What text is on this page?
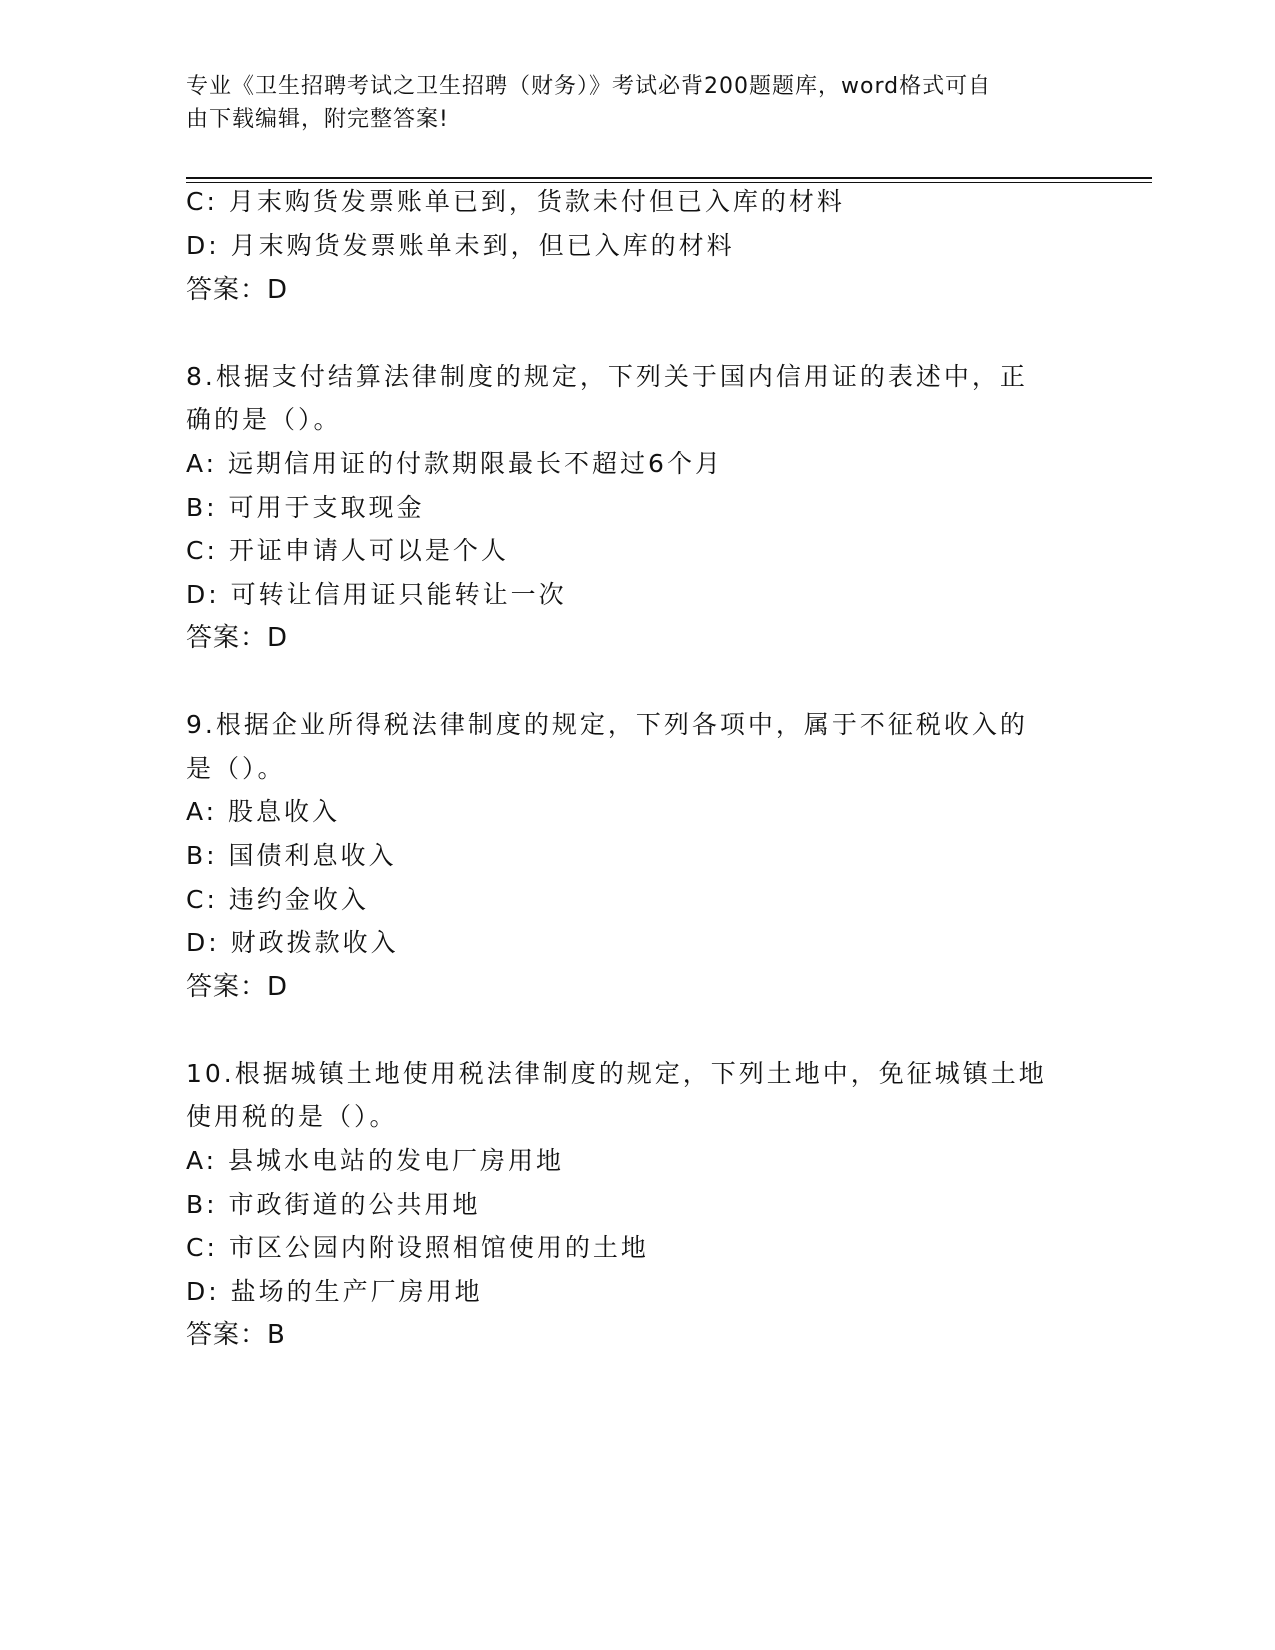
专业《卫生招聘考试之卫生招聘（财务）》考试必背200题题库，word格式可自
由下载编辑，附完整答案!
C: 月末购货发票账单已到，货款未付但已入库的材料
D: 月末购货发票账单未到，但已入库的材料
答案：D
8.根据支付结算法律制度的规定，下列关于国内信用证的表述中，正
确的是（）。
A: 远期信用证的付款期限最长不超过6个月
B: 可用于支取现金
C: 开证申请人可以是个人
D: 可转让信用证只能转让一次
答案：D
9.根据企业所得税法律制度的规定，下列各项中，属于不征税收入的
是（）。
A: 股息收入
B: 国债利息收入
C: 违约金收入
D: 财政拨款收入
答案：D
10.根据城镇土地使用税法律制度的规定，下列土地中，免征城镇土地
使用税的是（）。
A: 县城水电站的发电厂房用地
B: 市政街道的公共用地
C: 市区公园内附设照相馆使用的土地
D: 盐场的生产厂房用地
答案：B
